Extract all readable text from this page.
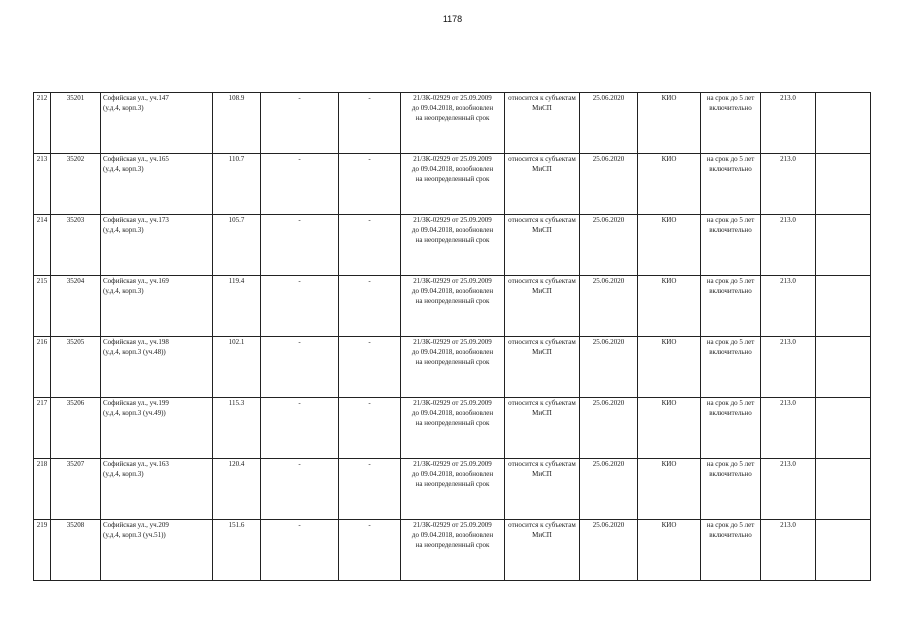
1178
212	35201	Софийская ул., уч.147
(у.д.4, корп.3)	108.9	-	-	21/ЗК-02929 от 25.09.2009
до 09.04.2018, возобновлен
на неопределенный срок	относится к субъектам
МиСП	25.06.2020	КИО	на срок до 5 лет
включительно	213.0	
213	35202	Софийская ул., уч.165
(у.д.4, корп.3)	110.7	-	-	21/ЗК-02929 от 25.09.2009
до 09.04.2018, возобновлен
на неопределенный срок	относится к субъектам
МиСП	25.06.2020	КИО	на срок до 5 лет
включительно	213.0	
214	35203	Софийская ул., уч.173
(у.д.4, корп.3)	105.7	-	-	21/ЗК-02929 от 25.09.2009
до 09.04.2018, возобновлен
на неопределенный срок	относится к субъектам
МиСП	25.06.2020	КИО	на срок до 5 лет
включительно	213.0	
215	35204	Софийская ул., уч.169
(у.д.4, корп.3)	119.4	-	-	21/ЗК-02929 от 25.09.2009
до 09.04.2018, возобновлен
на неопределенный срок	относится к субъектам
МиСП	25.06.2020	КИО	на срок до 5 лет
включительно	213.0	
216	35205	Софийская ул., уч.198
(у.д.4, корп.3 (уч.48))	102.1	-	-	21/ЗК-02929 от 25.09.2009
до 09.04.2018, возобновлен
на неопределенный срок	относится к субъектам
МиСП	25.06.2020	КИО	на срок до 5 лет
включительно	213.0	
217	35206	Софийская ул., уч.199
(у.д.4, корп.3 (уч.49))	115.3	-	-	21/ЗК-02929 от 25.09.2009
до 09.04.2018, возобновлен
на неопределенный срок	относится к субъектам
МиСП	25.06.2020	КИО	на срок до 5 лет
включительно	213.0	
218	35207	Софийская ул., уч.163
(у.д.4, корп.3)	120.4	-	-	21/ЗК-02929 от 25.09.2009
до 09.04.2018, возобновлен
на неопределенный срок	относится к субъектам
МиСП	25.06.2020	КИО	на срок до 5 лет
включительно	213.0	
219	35208	Софийская ул., уч.209
(у.д.4, корп.3 (уч.51))	151.6	-	-	21/ЗК-02929 от 25.09.2009
до 09.04.2018, возобновлен
на неопределенный срок	относится к субъектам
МиСП	25.06.2020	КИО	на срок до 5 лет
включительно	213.0	
